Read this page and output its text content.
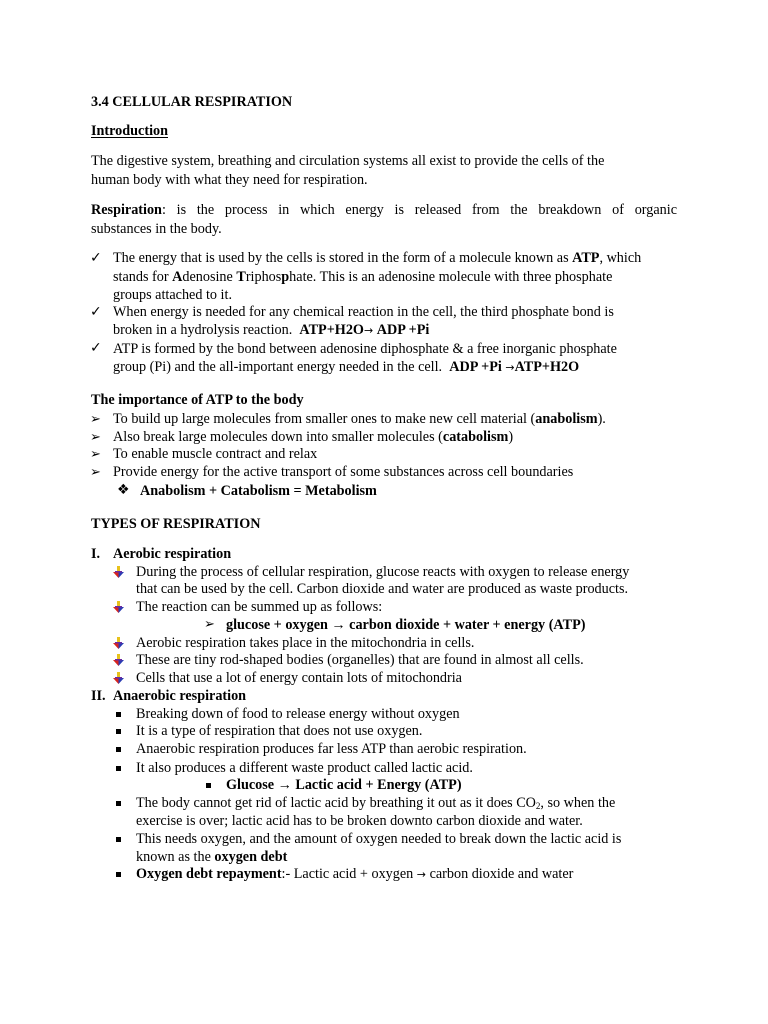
3.4 CELLULAR RESPIRATION
Introduction
The digestive system, breathing and circulation systems all exist to provide the cells of the
human body with what they need for respiration.
Respiration: is the process in which energy is released from the breakdown of organic
substances in the body.
✓ The energy that is used by the cells is stored in the form of a molecule known as ATP, which
stands for Adenosine Triphosphate. This is an adenosine molecule with three phosphate
groups attached to it.
✓ When energy is needed for any chemical reaction in the cell, the third phosphate bond is
broken in a hydrolysis reaction. ATP+H2O→ ADP +Pi
✓ ATP is formed by the bond between adenosine diphosphate & a free inorganic phosphate
group (Pi) and the all-important energy needed in the cell. ADP +Pi →ATP+H2O
The importance of ATP to the body
➢ To build up large molecules from smaller ones to make new cell material (anabolism).
➢ Also break large molecules down into smaller molecules (catabolism)
➢ To enable muscle contract and relax
➢ Provide energy for the active transport of some substances across cell boundaries
❖ Anabolism + Catabolism = Metabolism
TYPES OF RESPIRATION
I. Aerobic respiration
During the process of cellular respiration, glucose reacts with oxygen to release energy
that can be used by the cell. Carbon dioxide and water are produced as waste products.
The reaction can be summed up as follows:
➢ glucose + oxygen → carbon dioxide + water + energy (ATP)
Aerobic respiration takes place in the mitochondria in cells.
These are tiny rod-shaped bodies (organelles) that are found in almost all cells.
Cells that use a lot of energy contain lots of mitochondria
II. Anaerobic respiration
Breaking down of food to release energy without oxygen
It is a type of respiration that does not use oxygen.
Anaerobic respiration produces far less ATP than aerobic respiration.
It also produces a different waste product called lactic acid.
Glucose → Lactic acid + Energy (ATP)
The body cannot get rid of lactic acid by breathing it out as it does $CO_2$, so when the
exercise is over; lactic acid has to be broken downto carbon dioxide and water.
This needs oxygen, and the amount of oxygen needed to break down the lactic acid is
known as the oxygen debt
Oxygen debt repayment:- Lactic acid + oxygen → carbon dioxide and water
